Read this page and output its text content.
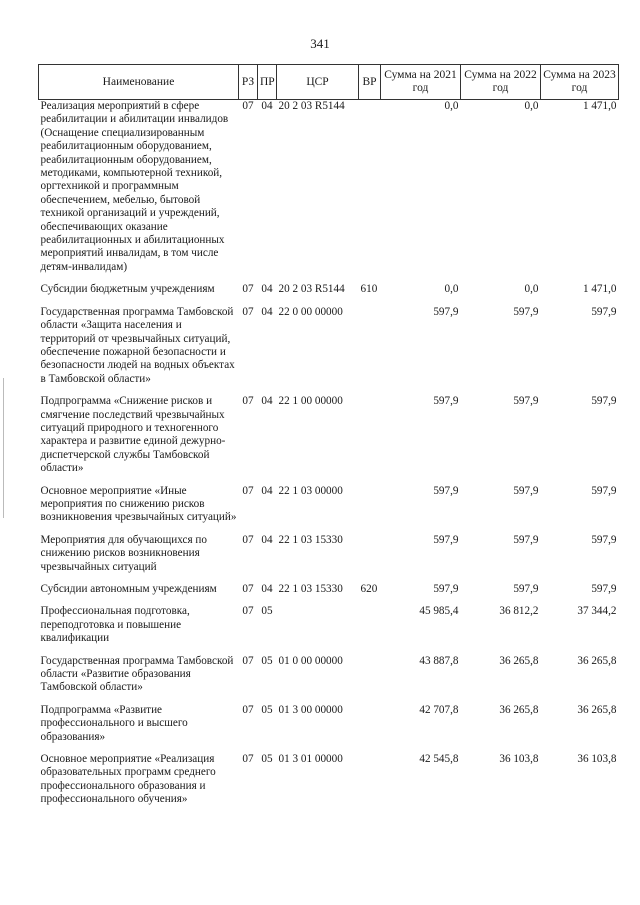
341
Наименование	РЗ	ПР	ЦСР	ВР	Сумма на 2021 год	Сумма на 2022 год	Сумма на 2023 год
Реализация мероприятий в сфере реабилитации и абилитации инвалидов (Оснащение специализированным реабилитационным оборудованием, реабилитационным оборудованием, методиками, компьютерной техникой, оргтехникой и программным обеспечением, мебелью, бытовой техникой организаций и учреждений, обеспечивающих оказание реабилитационных и абилитационных мероприятий инвалидам, в том числе детям-инвалидам)	07	04	20 2 03 R5144		0,0	0,0	1 471,0
Субсидии бюджетным учреждениям	07	04	20 2 03 R5144	610	0,0	0,0	1 471,0
Государственная программа Тамбовской области «Защита населения и территорий от чрезвычайных ситуаций, обеспечение пожарной безопасности и безопасности людей на водных объектах в Тамбовской области»	07	04	22 0 00 00000		597,9	597,9	597,9
Подпрограмма «Снижение рисков и смягчение последствий чрезвычайных ситуаций природного и техногенного характера и развитие единой дежурно-диспетчерской службы Тамбовской области»	07	04	22 1 00 00000		597,9	597,9	597,9
Основное мероприятие «Иные мероприятия по снижению рисков возникновения чрезвычайных ситуаций»	07	04	22 1 03 00000		597,9	597,9	597,9
Мероприятия для обучающихся по снижению рисков возникновения чрезвычайных ситуаций	07	04	22 1 03 15330		597,9	597,9	597,9
Субсидии автономным учреждениям	07	04	22 1 03 15330	620	597,9	597,9	597,9
Профессиональная подготовка, переподготовка и повышение квалификации	07	05			45 985,4	36 812,2	37 344,2
Государственная программа Тамбовской области «Развитие образования Тамбовской области»	07	05	01 0 00 00000		43 887,8	36 265,8	36 265,8
Подпрограмма «Развитие профессионального и высшего образования»	07	05	01 3 00 00000		42 707,8	36 265,8	36 265,8
Основное мероприятие «Реализация образовательных программ среднего профессионального образования и профессионального обучения»	07	05	01 3 01 00000		42 545,8	36 103,8	36 103,8
